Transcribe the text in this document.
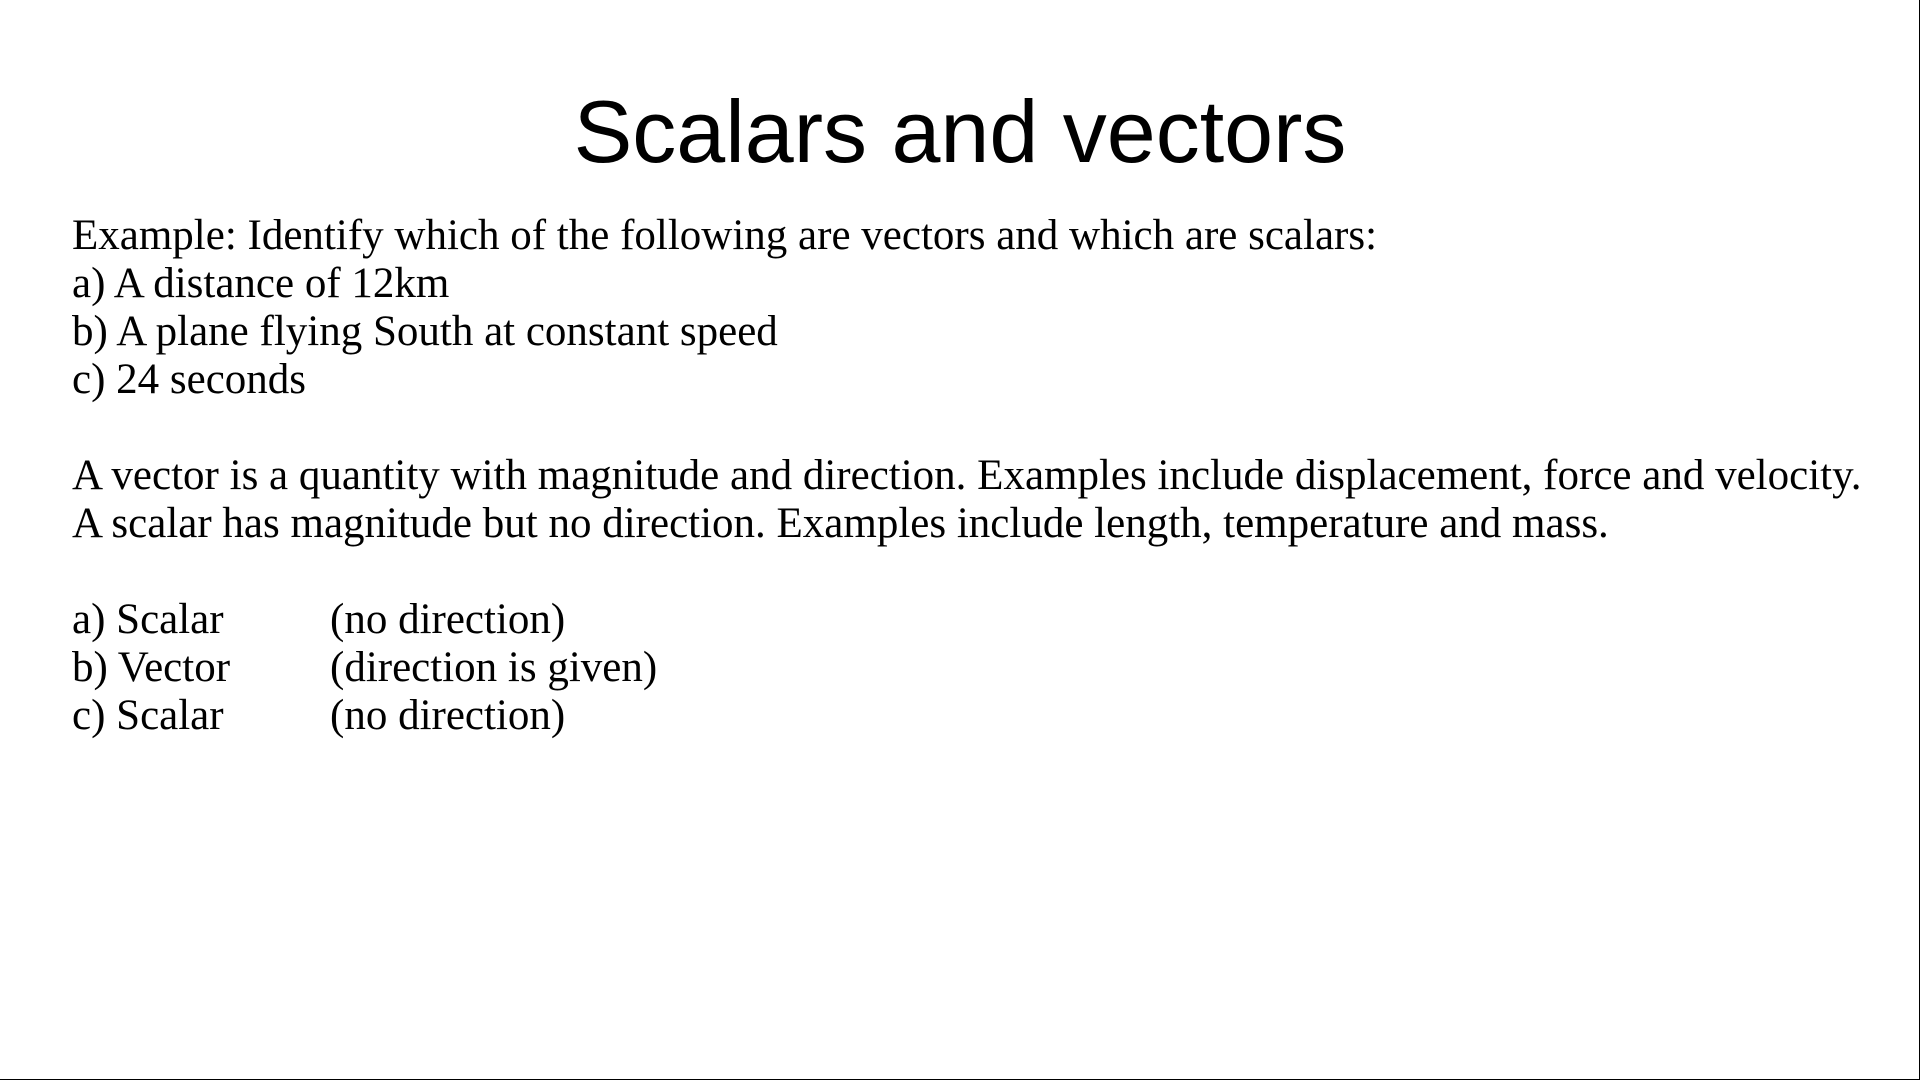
Scalars and vectors
Example: Identify which of the following are vectors and which are scalars:
a) A distance of 12km
b) A plane flying South at constant speed
c) 24 seconds
A vector is a quantity with magnitude and direction. Examples include displacement, force and velocity.
A scalar has magnitude but no direction. Examples include length, temperature and mass.
a) Scalar	(no direction)
b) Vector	(direction is given)
c) Scalar	(no direction)
